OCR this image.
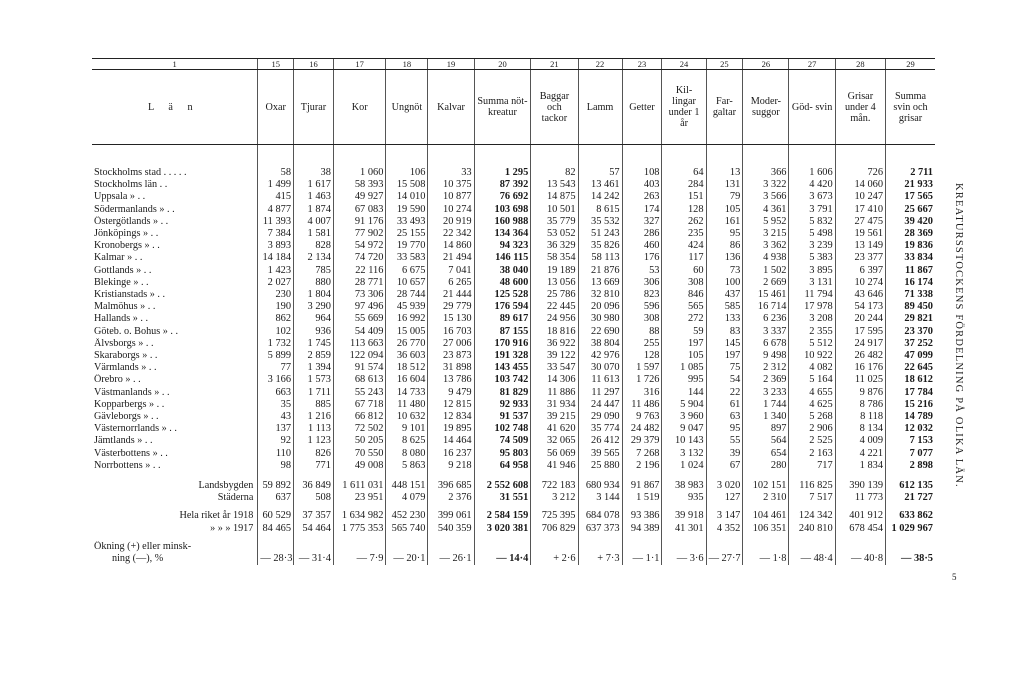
1	15	16	17	18	19	20	21	22	23	24	25	26	27	28	29
L ä n	Oxar	Tjurar	Kor	Ungnöt	Kalvar	Summa nöt- kreatur	Baggar och tackor	Lamm	Getter	Kil- lingar under 1 år	Far- galtar	Moder- suggor	Göd- svin	Grisar under 4 mån.	Summa svin och grisar

Stockholms stad . . . . .	58	38	1 060	106	33	1 295	82	57	108	64	13	366	1 606	726	2 711
Stockholms län . .	1 499	1 617	58 393	15 508	10 375	87 392	13 543	13 461	403	284	131	3 322	4 420	14 060	21 933
Uppsala » . .	415	1 463	49 927	14 010	10 877	76 692	14 875	14 242	263	151	79	3 566	3 673	10 247	17 565
Södermanlands » . .	4 877	1 874	67 083	19 590	10 274	103 698	10 501	8 615	174	128	105	4 361	3 791	17 410	25 667
Östergötlands » . .	11 393	4 007	91 176	33 493	20 919	160 988	35 779	35 532	327	262	161	5 952	5 832	27 475	39 420
Jönköpings » . .	7 384	1 581	77 902	25 155	22 342	134 364	53 052	51 243	286	235	95	3 215	5 498	19 561	28 369
Kronobergs » . .	3 893	828	54 972	19 770	14 860	94 323	36 329	35 826	460	424	86	3 362	3 239	13 149	19 836
Kalmar » . .	14 184	2 134	74 720	33 583	21 494	146 115	58 354	58 113	176	117	136	4 938	5 383	23 377	33 834
Gottlands » . .	1 423	785	22 116	6 675	7 041	38 040	19 189	21 876	53	60	73	1 502	3 895	6 397	11 867
Blekinge » . .	2 027	880	28 771	10 657	6 265	48 600	13 056	13 669	306	308	100	2 669	3 131	10 274	16 174
Kristianstads » . .	230	1 804	73 306	28 744	21 444	125 528	25 786	32 810	823	846	437	15 461	11 794	43 646	71 338
Malmöhus » . .	190	3 290	97 496	45 939	29 779	176 594	22 445	20 096	596	565	585	16 714	17 978	54 173	89 450
Hallands » . .	862	964	55 669	16 992	15 130	89 617	24 956	30 980	308	272	133	6 236	3 208	20 244	29 821
Göteb. o. Bohus » . .	102	936	54 409	15 005	16 703	87 155	18 816	22 690	88	59	83	3 337	2 355	17 595	23 370
Älvsborgs » . .	1 732	1 745	113 663	26 770	27 006	170 916	36 922	38 804	255	197	145	6 678	5 512	24 917	37 252
Skaraborgs » . .	5 899	2 859	122 094	36 603	23 873	191 328	39 122	42 976	128	105	197	9 498	10 922	26 482	47 099
Värmlands » . .	77	1 394	91 574	18 512	31 898	143 455	33 547	30 070	1 597	1 085	75	2 312	4 082	16 176	22 645
Örebro » . .	3 166	1 573	68 613	16 604	13 786	103 742	14 306	11 613	1 726	995	54	2 369	5 164	11 025	18 612
Västmanlands » . .	663	1 711	55 243	14 733	9 479	81 829	11 886	11 297	316	144	22	3 233	4 655	9 876	17 784
Kopparbergs » . .	35	885	67 718	11 480	12 815	92 933	31 934	24 447	11 486	5 904	61	1 744	4 625	8 786	15 216
Gävleborgs » . .	43	1 216	66 812	10 632	12 834	91 537	39 215	29 090	9 763	3 960	63	1 340	5 268	8 118	14 789
Västernorrlands » . .	137	1 113	72 502	9 101	19 895	102 748	41 620	35 774	24 482	9 047	95	897	2 906	8 134	12 032
Jämtlands » . .	92	1 123	50 205	8 625	14 464	74 509	32 065	26 412	29 379	10 143	55	564	2 525	4 009	7 153
Västerbottens » . .	110	826	70 550	8 080	16 237	95 803	56 069	39 565	7 268	3 132	39	654	2 163	4 221	7 077
Norrbottens » . .	98	771	49 008	5 863	9 218	64 958	41 946	25 880	2 196	1 024	67	280	717	1 834	2 898

Landsbygden	59 892	36 849	1 611 031	448 151	396 685	2 552 608	722 183	680 934	91 867	38 983	3 020	102 151	116 825	390 139	612 135
Städerna	637	508	23 951	4 079	2 376	31 551	3 212	3 144	1 519	935	127	2 310	7 517	11 773	21 727

Hela riket år 1918	60 529	37 357	1 634 982	452 230	399 061	2 584 159	725 395	684 078	93 386	39 918	3 147	104 461	124 342	401 912	633 862
» » » 1917	84 465	54 464	1 775 353	565 740	540 359	3 020 381	706 829	637 373	94 389	41 301	4 352	106 351	240 810	678 454	1 029 967

Ökning (+) eller minsk-															
ning (—), %	— 28·3	— 31·4	— 7·9	— 20·1	— 26·1	— 14·4	+ 2·6	+ 7·3	— 1·1	— 3·6	— 27·7	— 1·8	— 48·4	— 40·8	— 38·5
KREATURSSTOCKENS FÖRDELNING PÅ OLIKA LÄN.
5
